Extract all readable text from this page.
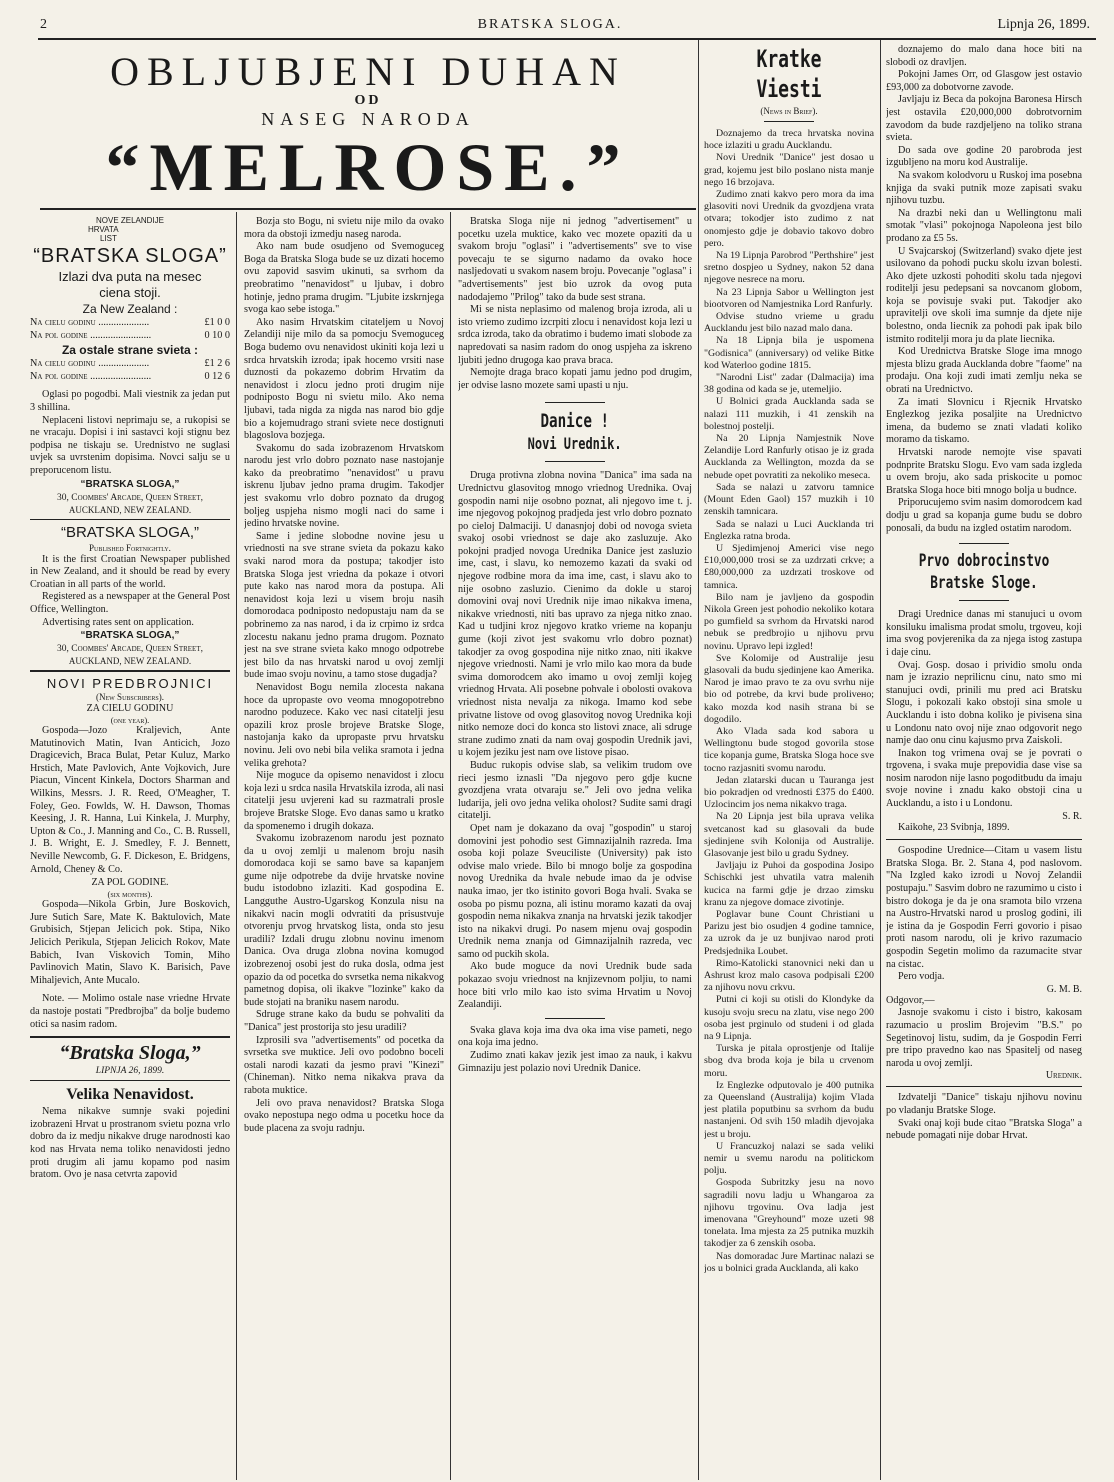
2	BRATSKA SLOGA.	Lipnja 26, 1899.
OBLJUBJENI DUHAN
OD
NASEG NARODA
“MELROSE.”
NOVE ZELANDIJE
HRVATA
LIST
“BRATSKA SLOGA”
Izlazi dva puta na mesec
ciena stoji.
Za New Zealand :

Na cielu godinu ....................	£1 0 0

Na pol godine ........................	0 10 0

Za ostale strane svieta :

Na cielu godinu ....................	£1 2 6

Na pol godine ........................	0 12 6

Oglasi po pogodbi. Mali viestnik za jedan put 3 shillina.

Neplaceni listovi neprimaju se, a rukopisi se ne vracaju. Dopisi i ini sastavci koji stignu bez podpisa ne tiskaju se. Urednistvo ne suglasi uvjek sa uvrstenim dopisima. Novci salju se u preporucenom listu.

“BRATSKA SLOGA,”
30, Coombes' Arcade, Queen Street,
AUCKLAND, NEW ZEALAND.
“BRATSKA SLOGA,”
Published Fortnightly.

It is the first Croatian Newspaper published in New Zealand, and it should be read by every Croatian in all parts of the world.

Registered as a newspaper at the General Post Office, Wellington.

Advertising rates sent on application.

“BRATSKA SLOGA,”
30, Coombes' Arcade, Queen Street,
AUCKLAND, NEW ZEALAND.
NOVI PREDBROJNICI
(New Subscribers).
ZA CIELU GODINU
(one year).

Gospoda—Jozo Kraljevich, Ante Matutinovich Matin, Ivan Anticich, Jozo Dragicevich, Braca Bulat, Petar Kuluz, Marko Hrstich, Mate Pavlovich, Ante Vojkovich, Jure Piacun, Vincent Kinkela, Doctors Sharman and Wilkins, Messrs. J. R. Reed, O'Meagher, T. Foley, Geo. Fowlds, W. H. Dawson, Thomas Keesing, J. R. Hanna, Lui Kinkela, J. Murphy, Upton & Co., J. Manning and Co., C. B. Russell, J. B. Wright, E. J. Smedley, F. J. Bennett, Neville Newcomb, G. F. Dickeson, E. Bridgens, Arnold, Cheney & Co.

ZA POL GODINE.
(six months).

Gospoda—Nikola Grbin, Jure Boskovich, Jure Sutich Sare, Mate K. Baktulovich, Mate Grubisich, Stjepan Jelicich pok. Stipa, Niko Jelicich Perikula, Stjepan Jelicich Rokov, Mate Babich, Ivan Viskovich Tomin, Miho Pavlinovich Matin, Slavo K. Barisich, Pave Mihaljevich, Ante Mucalo.

Note. — Molimo ostale nase vriedne Hrvate da nastoje postati "Predbrojba" da bolje budemo otici sa nasim radom.

“Bratska Sloga,”
LIPNJA 26, 1899.
Velika Nenavidost.

Nema nikakve sumnje svaki pojedini izobrazeni Hrvat u prostranom svietu pozna vrlo dobro da iz medju nikakve druge narodnosti kao kod nas Hrvata nema toliko nenavidosti jedno proti drugim ali jamu kopamo pod nasim bratom. Ovo je nasa cetvrta zapovid

Bozja sto Bogu, ni svietu nije milo da ovako mora da obstoji izmedju naseg naroda.

Ako nam bude osudjeno od Svemoguceg Boga da Bratska Sloga bude se uz dizati hocemo ovu zapovid sasvim ukinuti, sa svrhom da preobratimo "nenavidost" u ljubav, i dobro hotinje, jedno prama drugim. "Ljubite izskrnjega svoga kao sebe istoga."

Ako nasim Hrvatskim citateljem u Novoj Zelandiji nije milo da sa pomocju Svemoguceg Boga budemo ovu nenavidost ukiniti koja lezi u srdca hrvatskih izroda; ipak hocemo vrsiti nase duznosti da pokazemo dobrim Hrvatim da nenavidost i zlocu jedno proti drugim nije podniposto Bogu ni svietu milo. Ako nema ljubavi, tada nigda za nigda nas narod bio gdje bio a kojemudrago strani sviete nece dostignuti blagoslova bozjega.

Svakomu do sada izobrazenom Hrvatskom narodu jest vrlo dobro poznato nase nastojanje kako da preobratimo "nenavidost" u pravu iskrenu ljubav jedno prama drugim. Takodjer jest svakomu vrlo dobro poznato da drugog boljeg uspjeha nismo mogli naci do same i jedino hrvatske novine.

Same i jedine slobodne novine jesu u vriednosti na sve strane svieta da pokazu kako svaki narod mora da postupa; takodjer isto Bratska Sloga jest vriedna da pokaze i otvori pute kako nas narod mora da postupa. Ali nenavidost koja lezi u visem broju nasih domorodaca podniposto nedopustaju nam da se pobrinemo za nas narod, i da iz crpimo iz srdca zlocestu nakanu jedno prama drugom. Poznato jest na sve strane svieta kako mnogo odpotrebe jest bilo da nas hrvatski narod u ovoj zemlji bude imao svoju novinu, a tamo stose dugadja?

Nenavidost Bogu nemila zlocesta nakana hoce da upropaste ovo veoma mnogopotrebno narodno poduzece. Kako vec nasi citatelji jesu opazili kroz prosle brojeve Bratske Sloge, nastojanja kako da upropaste prvu hrvatsku novinu. Jeli ovo nebi bila velika sramota i jedna velika grehota?

Nije moguce da opisemo nenavidost i zlocu koja lezi u srdca nasila Hrvatskila izroda, ali nasi citatelji jesu uvjereni kad su razmatrali prosle brojeve Bratske Sloge. Evo danas samo u kratko da spomenemo i drugih dokaza.

Svakomu izobrazenom narodu jest poznato da u ovoj zemlji u malenom broju nasih domorodaca koji se samo bave sa kapanjem gume nije odpotrebe da dvije hrvatske novine budu istodobno izlaziti. Kad gospodina E. Langguthe Austro-Ugarskog Konzula nisu na nikakvi nacin mogli odvratiti da prisustvuje otvorenju prvog hrvatskog lista, onda sto jesu uradili? Izdali drugu zlobnu novinu imenom Danica. Ova druga zlobna novina komugod izobrezenoj osobi jest do ruka dosla, odma jest opazio da od pocetka do svrsetka nema nikakvog pametnog dopisa, oli ikakve "lozinke" kako da bude stojati na braniku nasem narodu.

Sdruge strane kako da budu se pohvaliti da "Danica" jest prostorija sto jesu uradili?

Izprosili sva "advertisements" od pocetka da svrsetka sve muktice. Jeli ovo podobno boceli ostali narodi kazati da jesmo pravi "Kinezi" (Chineman). Nitko nema nikakva prava da rabota muktice.

Jeli ovo prava nenavidost? Bratska Sloga ovako nepostupa nego odma u pocetku hoce da bude placena za svoju radnju.

Bratska Sloga nije ni jednog "advertisement" u pocetku uzela muktice, kako vec mozete opaziti da u svakom broju "oglasi" i "advertisements" sve to vise povecaju te se sigurno nadamo da ovako hoce nasljedovati u svakom nasem broju. Povecanje "oglasa" i "advertisements" jest bio uzrok da ovog puta nadodajemo "Prilog" tako da bude sest strana.

Mi se nista neplasimo od malenog broja izroda, ali u isto vriemo zudimo izcrpiti zlocu i nenavidost koja lezi u srdca izroda, tako da obratimo i budemo imati slobode za napredovati sa nasim radom do onog uspjeha za iskreno ljubiti jedno drugoga kao prava braca.

Nemojte draga braco kopati jamu jedno pod drugim, jer odvise lasno mozete sami upasti u nju.

Danice !
Novi Urednik.

Druga protivna zlobna novina "Danica" ima sada na Urednictvu glasovitog mnogo vriednog Urednika. Ovaj gospodin nami nije osobno poznat, ali njegovo ime t. j. ime njegovog pokojnog pradjeda jest vrlo dobro poznato po cieloj Dalmaciji. U danasnjoj dobi od novoga svieta svakoj osobi vriednost se daje ako zasluzuje. Ako pokojni pradjed novoga Urednika Danice jest zasluzio ime, cast, i slavu, ko nemozemo kazati da svaki od njegove rodbine mora da ima ime, cast, i slavu ako to nije osobno zasluzio. Cienimo da dokle u staroj domovini ovaj novi Urednik nije imao nikakva imena, nikakve vriednosti, niti bas upravo za njega nitko znao. Kad u tudjini kroz njegovo kratko vrieme na kopanju gume (koji zivot jest svakomu vrlo dobro poznat) takodjer za ovog gospodina nije nitko znao, niti ikakve njegove vriednosti. Nami je vrlo milo kao mora da bude svima domorodcem ako imamo u ovoj zemlji kojeg vriednog Hrvata. Ali posebne pohvale i obolosti ovakova vriednost nista nevalja za nikoga. Imamo kod sebe privatne listove od ovog glasovitog novog Urednika koji nitko nemoze doci do konca sto listovi znace, ali sdruge strane zudimo znati da nam ovaj gospodin Urednik javi, u kojem jeziku jest nam ove listove pisao.

Buduc rukopis odvise slab, sa velikim trudom ove rieci jesmo iznasli "Da njegovo pero gdje kucne gvozdjena vrata otvaraju se." Jeli ovo jedna velika ludarija, jeli ovo jedna velika oholost? Sudite sami dragi citatelji.

Opet nam je dokazano da ovaj "gospodin" u staroj domovini jest pohodio sest Gimnazijalnih razreda. Ima osoba koji polaze Sveuciliste (University) pak isto odvise malo vriede. Bilo bi mnogo bolje za gospodina novog Urednika da hvale nebude imao da je odvise nauka imao, jer tko istinito govori Boga hvali. Svaka se osoba po pismu pozna, ali istinu moramo kazati da ovaj gospodin nema nikakva znanja na hrvatski jezik takodjer isto na nikakvi drugi. Po nasem mjenu ovaj gospodin Urednik nema znanja od Gimnazijalnih razreda, vec samo od puckih skola.

Ako bude moguce da novi Urednik bude sada pokazao svoju vriednost na knjizevnom poljiu, to nami hoce biti vrlo milo kao isto svima Hrvatim u Novoj Zealandiji.

Svaka glava koja ima dva oka ima vise pameti, nego ona koja ima jedno.

Zudimo znati kakav jezik jest imao za nauk, i kakvu Gimnaziju jest polazio novi Urednik Danice.

Kratke Viesti
(News in Brief).

Doznajemo da treca hrvatska novina hoce izlaziti u gradu Aucklandu.

Novi Urednik "Danice" jest dosao u grad, kojemu jest bilo poslano nista manje nego 16 brzojava.

Zudimo znati kakvo pero mora da ima glasoviti novi Urednik da gvozdjena vrata otvara; tokodjer isto zudimo z nat onomjesto gdje je dobavio takovo dobro pero.

Na 19 Lipnja Parobrod "Perthshire" jest sretno dospjeo u Sydney, nakon 52 dana njegove nesrece na moru.

Na 23 Lipnja Sabor u Wellington jest biootvoren od Namjestnika Lord Ranfurly.

Odvise studno vrieme u gradu Aucklandu jest bilo nazad malo dana.

Na 18 Lipnja bila je uspomena "Godisnica" (anniversary) od velike Bitke kod Waterloo godine 1815.

"Narodni List" zadar (Dalmacija) ima 38 godina od kada se je, utemeljio.

U Bolnici grada Aucklanda sada se nalazi 111 muzkih, i 41 zenskih na bolestnoj postelji.

Na 20 Lipnja Namjestnik Nove Zelandije Lord Ranfurly otisao je iz grada Aucklanda za Wellington, mozda da se nebude opet povratiti za nekoliko meseca.

Sada se nalazi u zatvoru tamnice (Mount Eden Gaol) 157 muzkih i 10 zenskih tamnicara.

Sada se nalazi u Luci Aucklanda tri Englezka ratna broda.

U Sjedimjenoj Americi vise nego £10,000,000 trosi se za uzdrzati crkve; a £80,000,000 za uzdrzati troskove od tamnica.

Bilo nam je javljeno da gospodin Nikola Green jest pohodio nekoliko kotara po gumfield sa svrhom da Hrvatski narod nebuk se predbrojio u njihovu prvu novinu. Upravo lepi izgled!

Sve Kolomije od Australije jesu glasovali da budu sjedinjene kao Amerika. Narod je imao pravo te za ovu svrhu nije bio od potrebe, da krvi bude prolivено; kako mozda kod nasih strana bi se dogodilo.

Ako Vlada sada kod sabora u Wellingtonu bude stogod govorila stose tice kopanja gume, Bratska Sloga hoce sve tocno razjasniti svomu narodu.

Jedan zlatarski ducan u Tauranga jest bio pokradjen od vrednosti £375 do £400. Uzlocincim jos nema nikakvo traga.

Na 20 Lipnja jest bila uprava velika svetcanost kad su glasovali da bude sjedinjene svih Kolonija od Australije. Glasovanje jest bilo u gradu Sydney.

Javljaju iz Puhoi da gospodina Josipo Schischki jest uhvatila vatra malenih kucica na farmi gdje je drzao zimsku kranu za njegove domace zivotinje.

Poglavar bune Count Christiani u Parizu jest bio osudjen 4 godine tamnice, za uzrok da je uz bunjivao narod proti Predsjednika Loubet.

Rimo-Katolicki stanovnici neki dan u Ashrust kroz malo casova podpisali £200 za njihovu novu crkvu.

Putni ci koji su otisli do Klondyke da kusoju svoju srecu na zlatu, vise nego 200 osoba jest prginulo od studeni i od glada na 9 Lipnja.

Turska je pitala oprostjenje od Italije sbog dva broda koja je bila u crvenom moru.

Iz Englezke odputovalo je 400 putnika za Queensland (Australija) kojim Vlada jest platila poputbinu sa svrhom da budu nastanjeni. Od svih 150 mladih djevojaka jest u broju.

U Francuzkoj nalazi se sada veliki nemir u svemu narodu na politickom polju.

Gospoda Subritzky jesu na novo sagradili novu ladju u Whangaroa za njihovu trgovinu. Ova ladja jest imenovana "Greyhound" moze uzeti 98 tonelata. Ima mjesta za 25 putnika muzkih takodjer za 6 zenskih osoba.

Nas domoradac Jure Martinac nalazi se jos u bolnici grada Aucklanda, ali kako

doznajemo do malo dana hoce biti na slobodi oz dravljen.

Pokojni James Orr, od Glasgow jest ostavio £93,000 za dobotvorne zavode.

Javljaju iz Beca da pokojna Baronesa Hirsch jest ostavila £20,000,000 dobrotvornim zavodom da bude razdjeljeno na toliko strana svieta.

Do sada ove godine 20 parobroda jest izgubljeno na moru kod Australije.

Na svakom kolodvoru u Ruskoj ima posebna knjiga da svaki putnik moze zapisati svaku njihovu tuzbu.

Na drazbi neki dan u Wellingtonu mali smotak "vlasi" pokojnoga Napoleona jest bilo prodano za £5 5s.

U Svajcarskoj (Switzerland) svako djete jest usilovano da pohodi pucku skolu izvan bolesti. Ako djete uzkosti pohoditi skolu tada njegovi roditelji jesu pedepsani sa novcanom globom, koja se povisuje svaki put. Takodjer ako upravitelji ove skoli ima sumnje da djete nije bolestno, onda liecnik za pohodi pak ipak bilo istmito roditelji mora ju da plate liecnika.

Kod Urednictva Bratske Sloge ima mnogo mjesta blizu grada Aucklanda dobre "faome" na prodaju. Ona koji zudi imati zemlju neka se obrati na Urednictvo.

Za imati Slovnicu i Rjecnik Hrvatsko Englezkog jezika posaljite na Urednictvo imena, da budemo se znati vladati koliko moramo da tiskamo.

Hrvatski narode nemojte vise spavati podnprite Bratsku Slogu. Evo vam sada izgleda u ovem broju, ako sada priskocite u pomoc Bratska Sloga hoce biti mnogo bolja u budnce.

Priporucujemo svim nasim domorodcem kad dodju u grad sa kopanja gume budu se dobro ponosali, da budu na izgled ostatim narodom.

Prvo dobrocinstvo Bratske Sloge.

Dragi Urednice danas mi stanujuci u ovom konsiluku imalisma prodat smolu, trgoveu, koji ima svog povjerenika da za njega istog zastupa i daje cinu.

Ovaj. Gosp. dosao i prividio smolu onda nam je izrazio nepriliсnu cinu, nato smo mi stanujuci ovdi, prinili mu pred aci Bratsku Slogu, i pokozali kako obstoji sina smole u Aucklandu i isto dobna koliko je pivisena sina u Londonu nato ovoj nije znao odgovorit nego namje dao onu cinu kajusmo prva Zaiskoli.

Inakon tog vrimena ovaj se je povrati o trgovena, i svaka muje prepovidia dase vise sa nosim narodon nije lasno pogoditbudu da imaju svoje novine i znadu kako obstoji cina u Aucklandu, a isto i u Londonu.

S. R.

Kaikohe, 23 Svibnja, 1899.

Gospodine Urednice—Citam u vasem listu Bratska Sloga. Br. 2. Stana 4, pod naslovom. "Na Izgled kako izrodi u Novoj Zelandii postupaju." Sasvim dobro ne razumimo u cisto i bistro dokoga je da je ona sramota bilo vrzena na Austro-Hrvatski narod u proslog godini, ili je istina da je Gospodin Ferri govorio i pisao proti nasom narodu, oli je krivo razumacio gospodin Segetin molimo da razumacite stvar na cistac.

Pero vodja.

G. M. B.
Odgovor,—

Jasnoje svakomu i cisto i bistro, kakosam razumacio u proslim Brojevim "B.S." po Segetinovoj listu, sudim, da je Gospodin Ferri pre tripo pravedno kao nas Spasitelj od naseg naroda u ovoj zemlji.

Urednik.

Izdvatelji "Danice" tiskaju njihovu novinu po vladanju Bratske Sloge.

Svaki onaj koji bude citao "Bratska Sloga" a nebude pomagati nije dobar Hrvat.
